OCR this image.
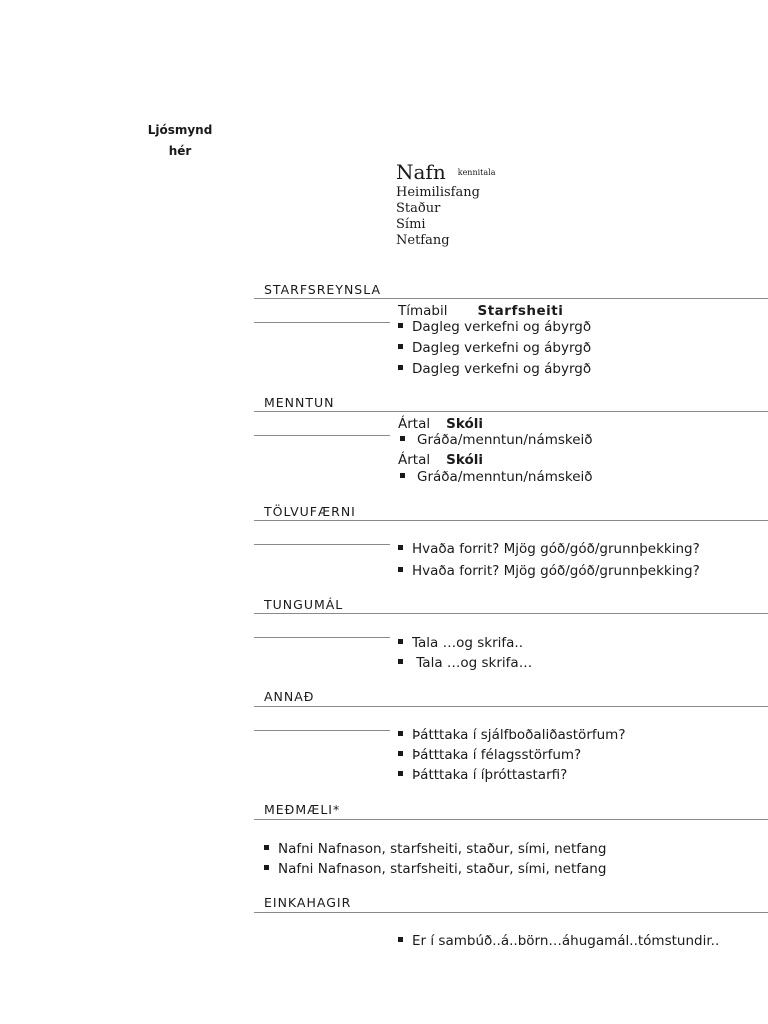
Ljósmynd
hér
Nafn $^{kennitala}$
Heimilisfang
Staður
Sími
Netfang
STARFSREYNSLA
Tímabil Starfsheiti
Dagleg verkefni og ábyrgð
Dagleg verkefni og ábyrgð
Dagleg verkefni og ábyrgð
MENNTUN
Ártal Skóli
Gráða/menntun/námskeið
Ártal Skóli
Gráða/menntun/námskeið
TÖLVUFÆRNI
Hvaða forrit? Mjög góð/góð/grunnþekking?
Hvaða forrit? Mjög góð/góð/grunnþekking?
TUNGUMÁL
Tala …og skrifa..
Tala …og skrifa…
ANNAÐ
Þátttaka í sjálfboðaliðastörfum?
Þátttaka í félagsstörfum?
Þátttaka í íþróttastarfi?
MEÐMÆLI*
Nafni Nafnason, starfsheiti, staður, sími, netfang
Nafni Nafnason, starfsheiti, staður, sími, netfang
EINKAHAGIR
Er í sambúð..á..börn…áhugamál..tómstundir..
